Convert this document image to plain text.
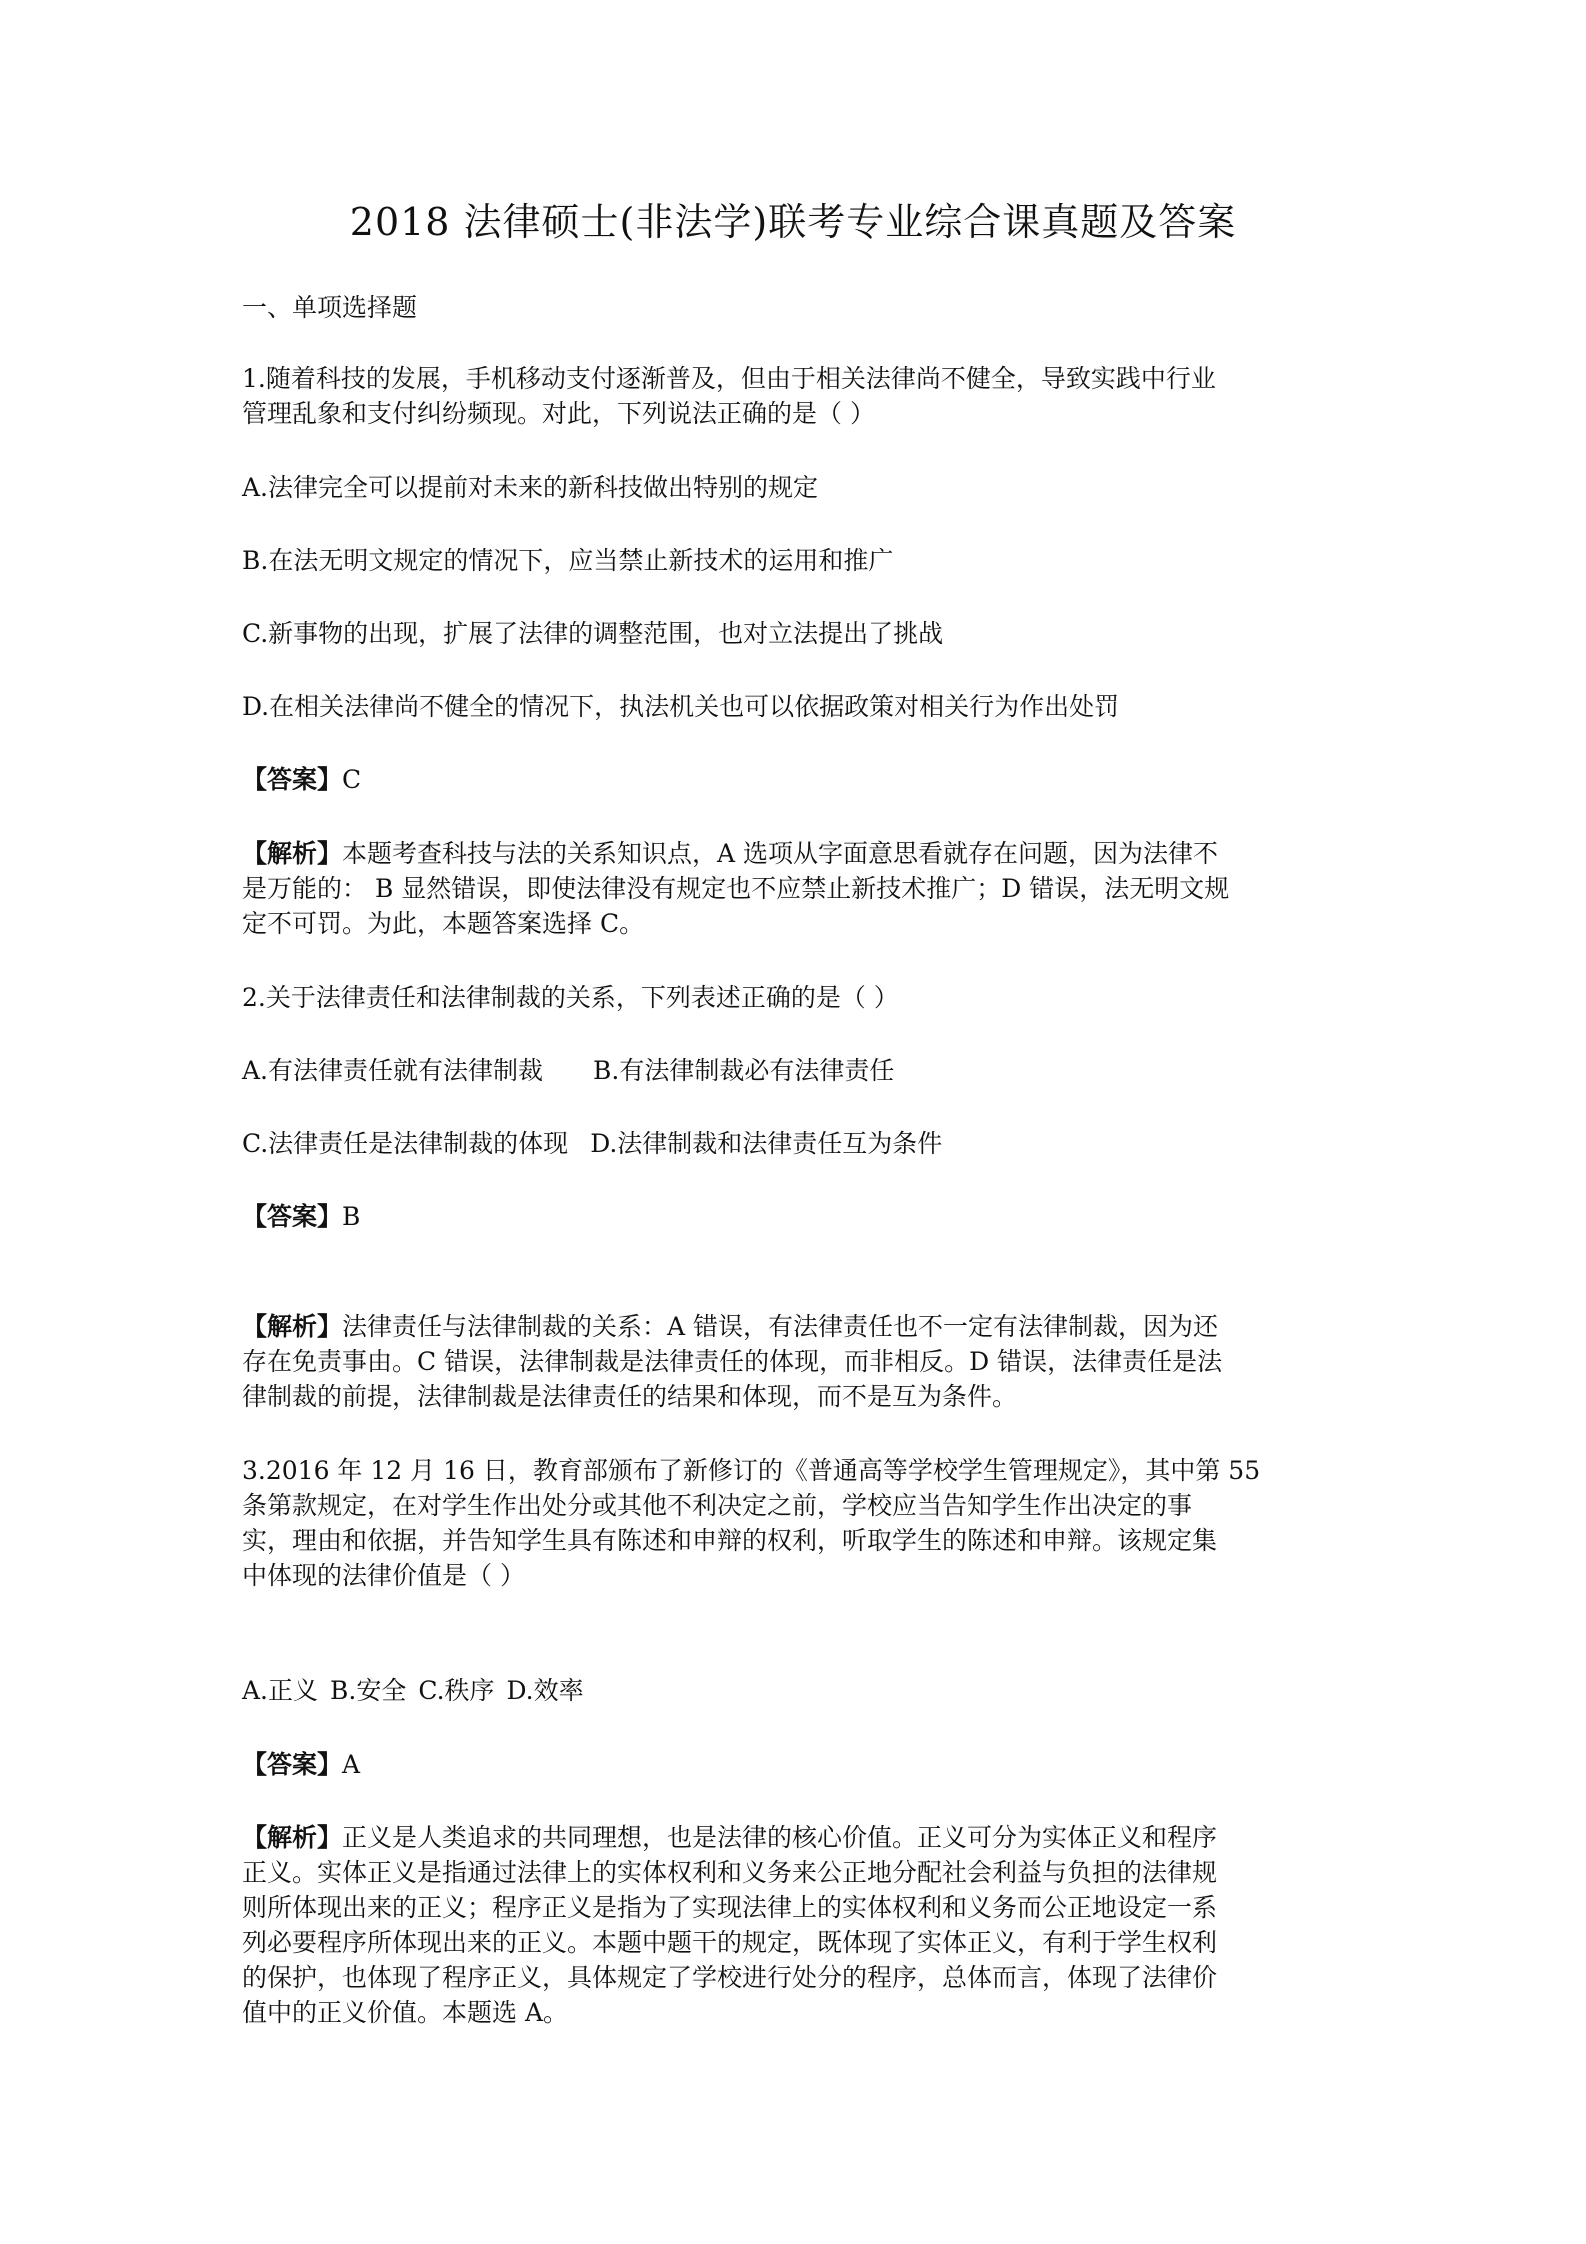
2018 法律硕士(非法学)联考专业综合课真题及答案

一、单项选择题

1.随着科技的发展，手机移动支付逐渐普及，但由于相关法律尚不健全，导致实践中行业
管理乱象和支付纠纷频现。对此，下列说法正确的是（ ）

A.法律完全可以提前对未来的新科技做出特别的规定

B.在法无明文规定的情况下，应当禁止新技术的运用和推广

C.新事物的出现，扩展了法律的调整范围，也对立法提出了挑战

D.在相关法律尚不健全的情况下，执法机关也可以依据政策对相关行为作出处罚

【答案】C

【解析】本题考查科技与法的关系知识点，A 选项从字面意思看就存在问题，因为法律不
是万能的： B 显然错误，即使法律没有规定也不应禁止新技术推广；D 错误，法无明文规
定不可罚。为此，本题答案选择 C。

2.关于法律责任和法律制裁的关系，下列表述正确的是（ ）

A.有法律责任就有法律制裁 B.有法律制裁必有法律责任

C.法律责任是法律制裁的体现 D.法律制裁和法律责任互为条件

【答案】B

【解析】法律责任与法律制裁的关系：A 错误，有法律责任也不一定有法律制裁，因为还
存在免责事由。C 错误，法律制裁是法律责任的体现，而非相反。D 错误，法律责任是法
律制裁的前提，法律制裁是法律责任的结果和体现，而不是互为条件。

3.2016 年 12 月 16 日，教育部颁布了新修订的《普通高等学校学生管理规定》，其中第 55
条第款规定，在对学生作出处分或其他不利决定之前，学校应当告知学生作出决定的事
实，理由和依据，并告知学生具有陈述和申辩的权利，听取学生的陈述和申辩。该规定集
中体现的法律价值是（ ）

A.正义 B.安全 C.秩序 D.效率

【答案】A

【解析】正义是人类追求的共同理想，也是法律的核心价值。正义可分为实体正义和程序
正义。实体正义是指通过法律上的实体权利和义务来公正地分配社会利益与负担的法律规
则所体现出来的正义；程序正义是指为了实现法律上的实体权利和义务而公正地设定一系
列必要程序所体现出来的正义。本题中题干的规定，既体现了实体正义，有利于学生权利
的保护，也体现了程序正义，具体规定了学校进行处分的程序，总体而言，体现了法律价
值中的正义价值。本题选 A。
